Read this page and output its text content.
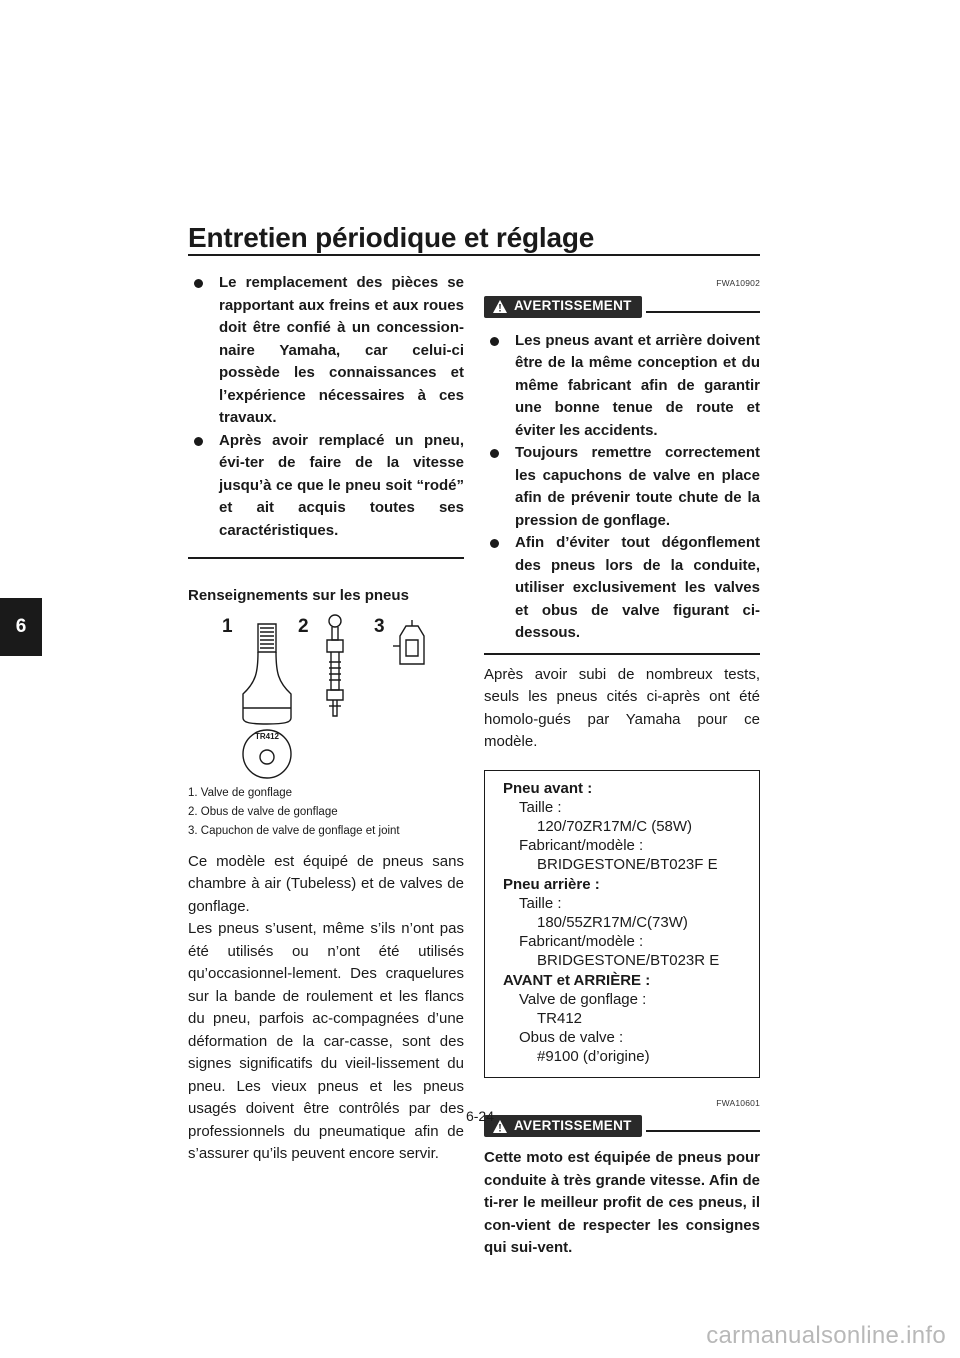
Entretien périodique et réglage
6
Le remplacement des pièces se rapportant aux freins et aux roues doit être confié à un concession-naire Yamaha, car celui-ci possède les connaissances et l’expérience nécessaires à ces travaux.
Après avoir remplacé un pneu, évi-ter de faire de la vitesse jusqu’à ce que le pneu soit “rodé” et ait acquis toutes ses caractéristiques.
Renseignements sur les pneus
1	2	3
TR412
1. Valve de gonflage
2. Obus de valve de gonflage
3. Capuchon de valve de gonflage et joint

Ce modèle est équipé de pneus sans chambre à air (Tubeless) et de valves de gonflage.

Les pneus s’usent, même s’ils n’ont pas été utilisés ou n’ont été utilisés qu’occasionnel-lement. Des craquelures sur la bande de roulement et les flancs du pneu, parfois ac-compagnées d’une déformation de la car-casse, sont des signes significatifs du vieil-lissement du pneu. Les vieux pneus et les pneus usagés doivent être contrôlés par des professionnels du pneumatique afin de s’assurer qu’ils peuvent encore servir.

FWA10902
AVERTISSEMENT
Les pneus avant et arrière doivent être de la même conception et du même fabricant afin de garantir une bonne tenue de route et éviter les accidents.
Toujours remettre correctement les capuchons de valve en place afin de prévenir toute chute de la pression de gonflage.
Afin d’éviter tout dégonflement des pneus lors de la conduite, utiliser exclusivement les valves et obus de valve figurant ci-dessous.

Après avoir subi de nombreux tests, seuls les pneus cités ci-après ont été homolo-gués par Yamaha pour ce modèle.

Pneu avant :
Taille :
120/70ZR17M/C (58W)
Fabricant/modèle :
BRIDGESTONE/BT023F E
Pneu arrière :
Taille :
180/55ZR17M/C(73W)
Fabricant/modèle :
BRIDGESTONE/BT023R E
AVANT et ARRIÈRE :
Valve de gonflage :
TR412
Obus de valve :
#9100 (d’origine)
FWA10601
AVERTISSEMENT

Cette moto est équipée de pneus pour conduite à très grande vitesse. Afin de ti-rer le meilleur profit de ces pneus, il con-vient de respecter les consignes qui sui-vent.

6-24
carmanualsonline.info
